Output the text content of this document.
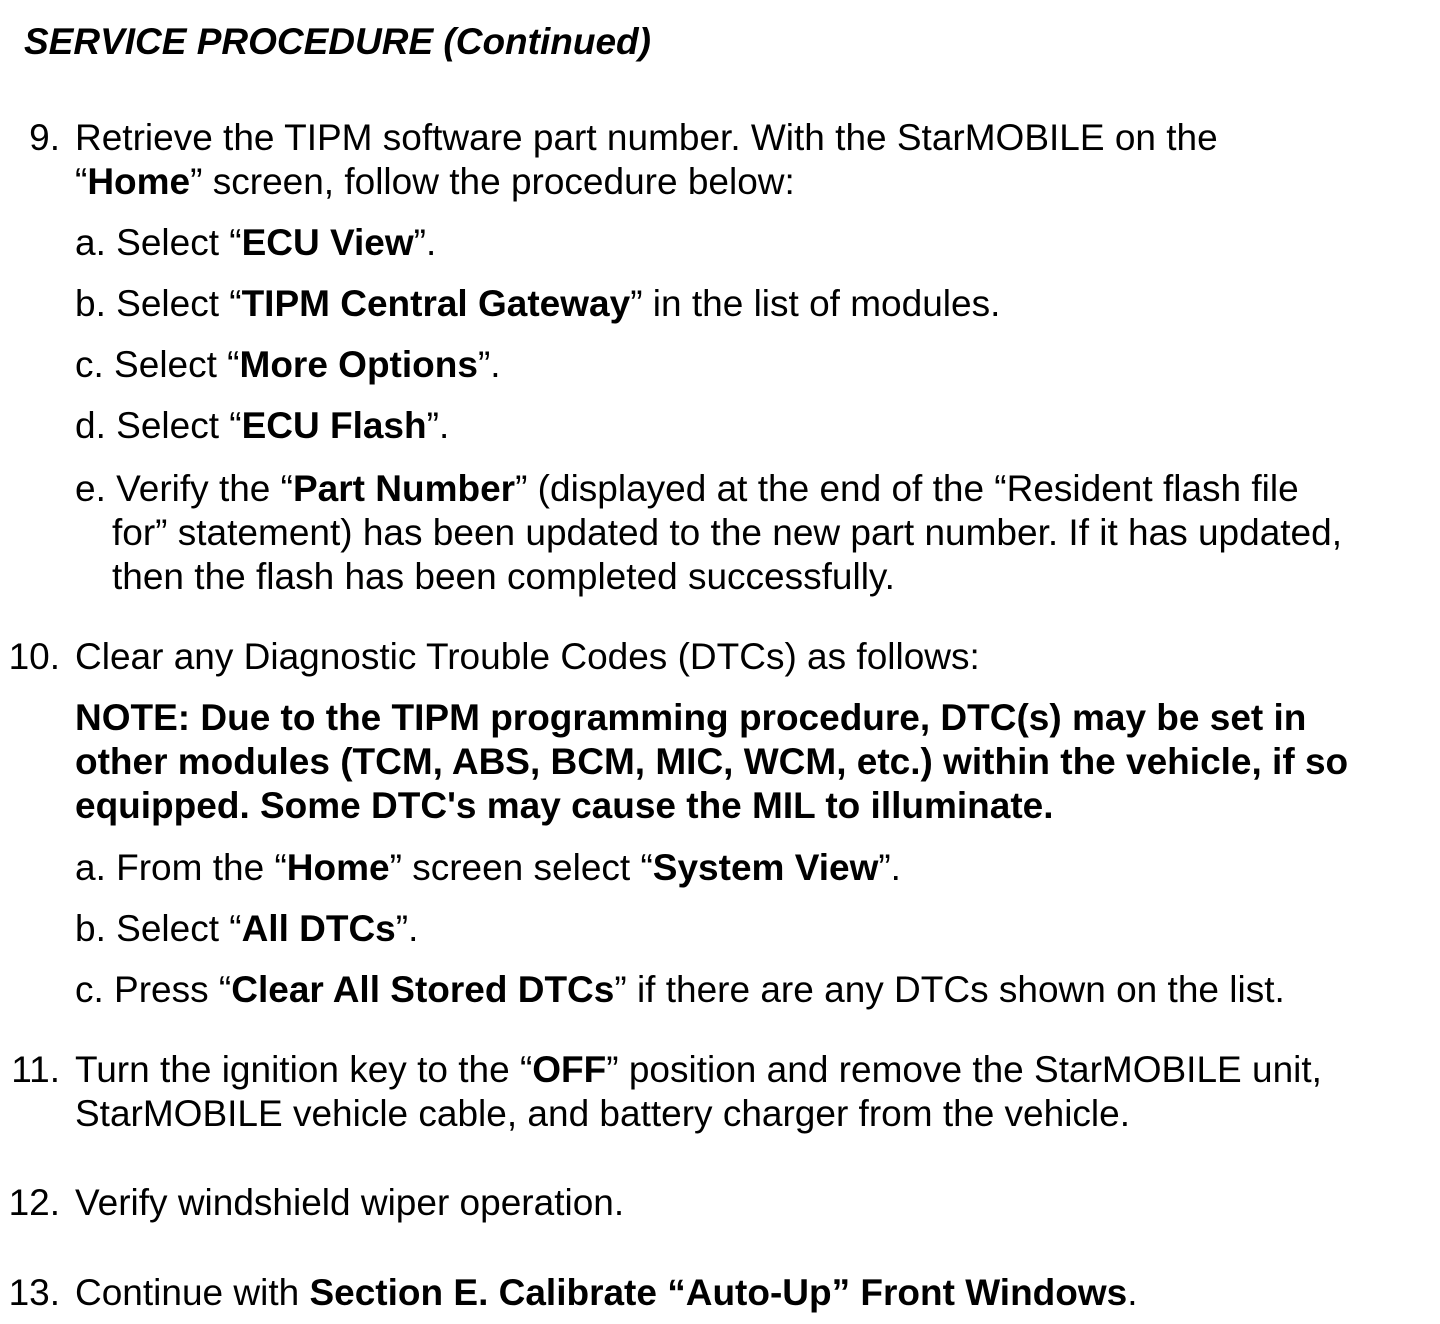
SERVICE PROCEDURE (Continued)
9. Retrieve the TIPM software part number. With the StarMOBILE on the
“Home” screen, follow the procedure below:
a. Select “ECU View”.
b. Select “TIPM Central Gateway” in the list of modules.
c. Select “More Options”.
d. Select “ECU Flash”.
e. Verify the “Part Number” (displayed at the end of the “Resident flash file
for” statement) has been updated to the new part number. If it has updated,
then the flash has been completed successfully.
10. Clear any Diagnostic Trouble Codes (DTCs) as follows:
NOTE: Due to the TIPM programming procedure, DTC(s) may be set in
other modules (TCM, ABS, BCM, MIC, WCM, etc.) within the vehicle, if so
equipped. Some DTC's may cause the MIL to illuminate.
a. From the “Home” screen select “System View”.
b. Select “All DTCs”.
c. Press “Clear All Stored DTCs” if there are any DTCs shown on the list.
11. Turn the ignition key to the “OFF” position and remove the StarMOBILE unit,
StarMOBILE vehicle cable, and battery charger from the vehicle.
12. Verify windshield wiper operation.
13. Continue with Section E. Calibrate “Auto-Up” Front Windows.
